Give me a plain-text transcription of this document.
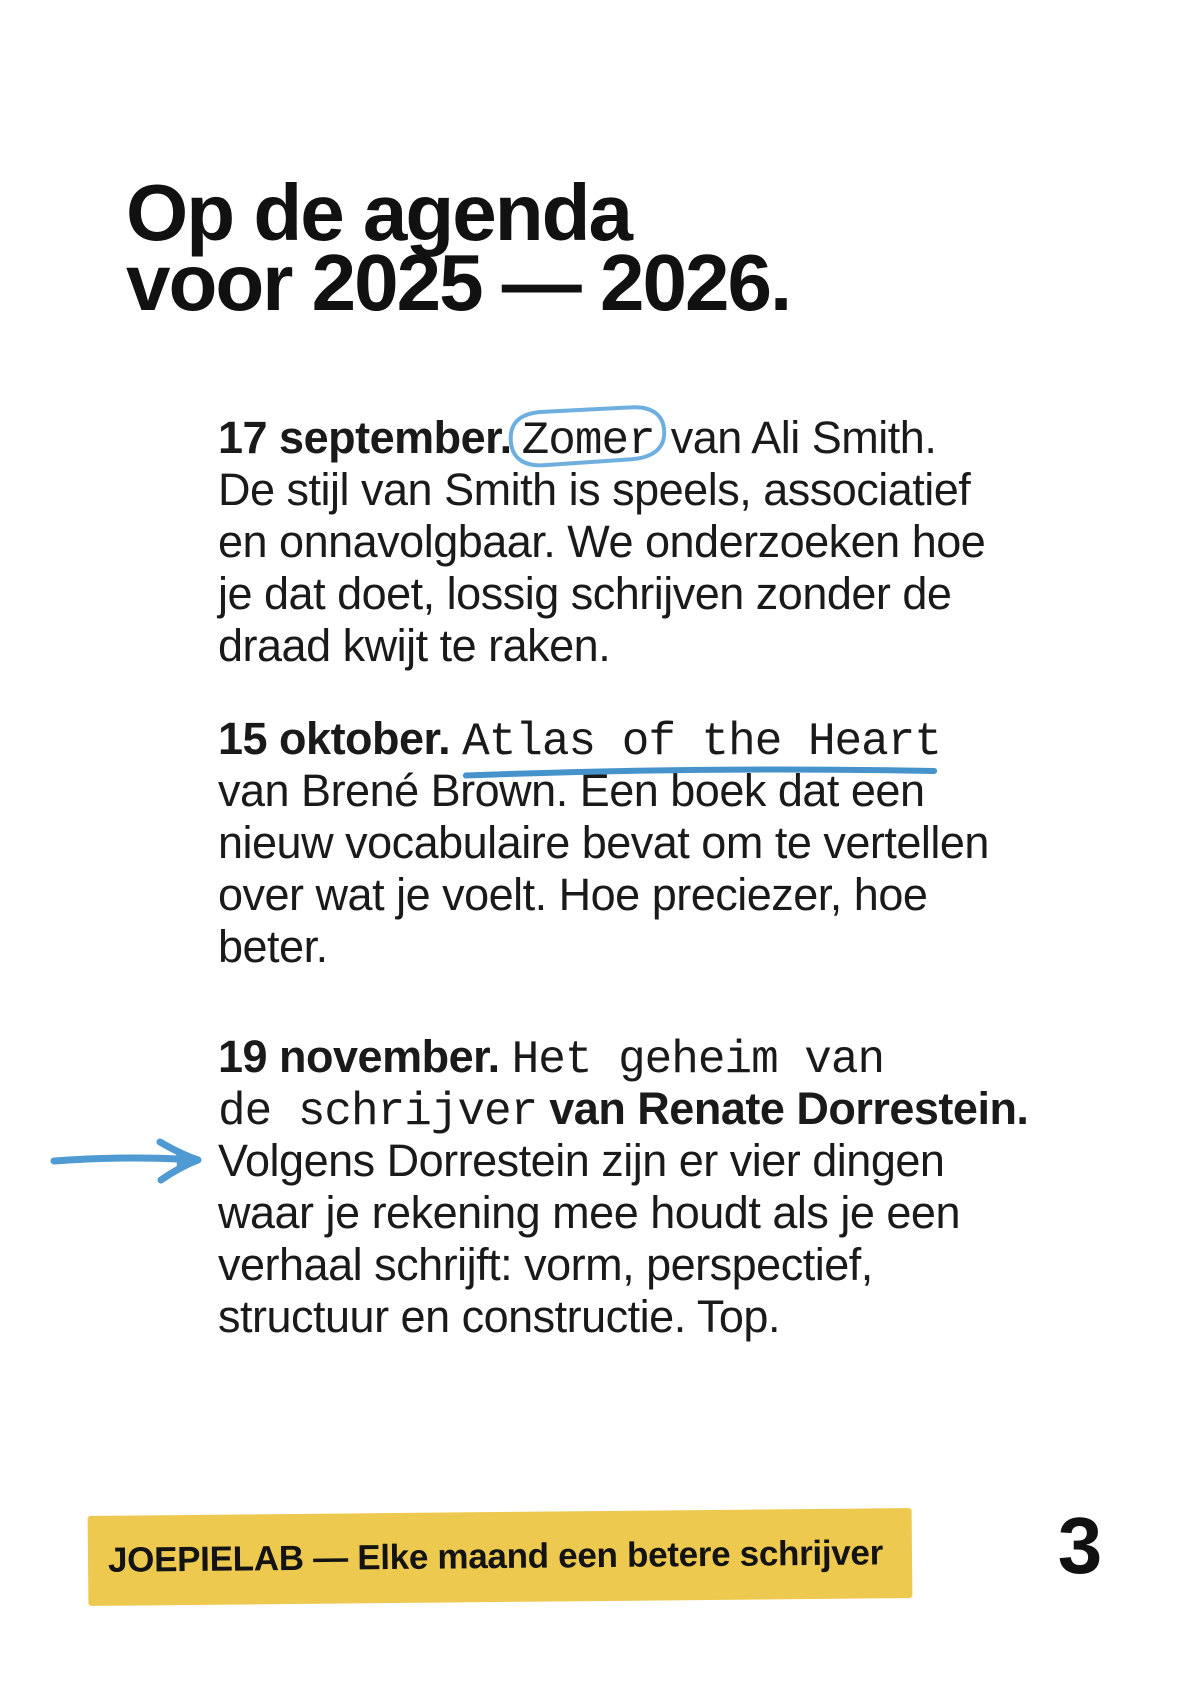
Op de agenda
voor 2025 — 2026.
17 september. Zomer van Ali Smith.
De stijl van Smith is speels, associatief
en onnavolgbaar. We onderzoeken hoe
je dat doet, lossig schrijven zonder de
draad kwijt te raken.
15 oktober. Atlas of the Heart
van Brené Brown. Een boek dat een
nieuw vocabulaire bevat om te vertellen
over wat je voelt. Hoe preciezer, hoe
beter.
19 november. Het geheim van
de schrijver van Renate Dorrestein.
Volgens Dorrestein zijn er vier dingen
waar je rekening mee houdt als je een
verhaal schrijft: vorm, perspectief,
structuur en constructie. Top.
JOEPIELAB — Elke maand een betere schrijver	3
